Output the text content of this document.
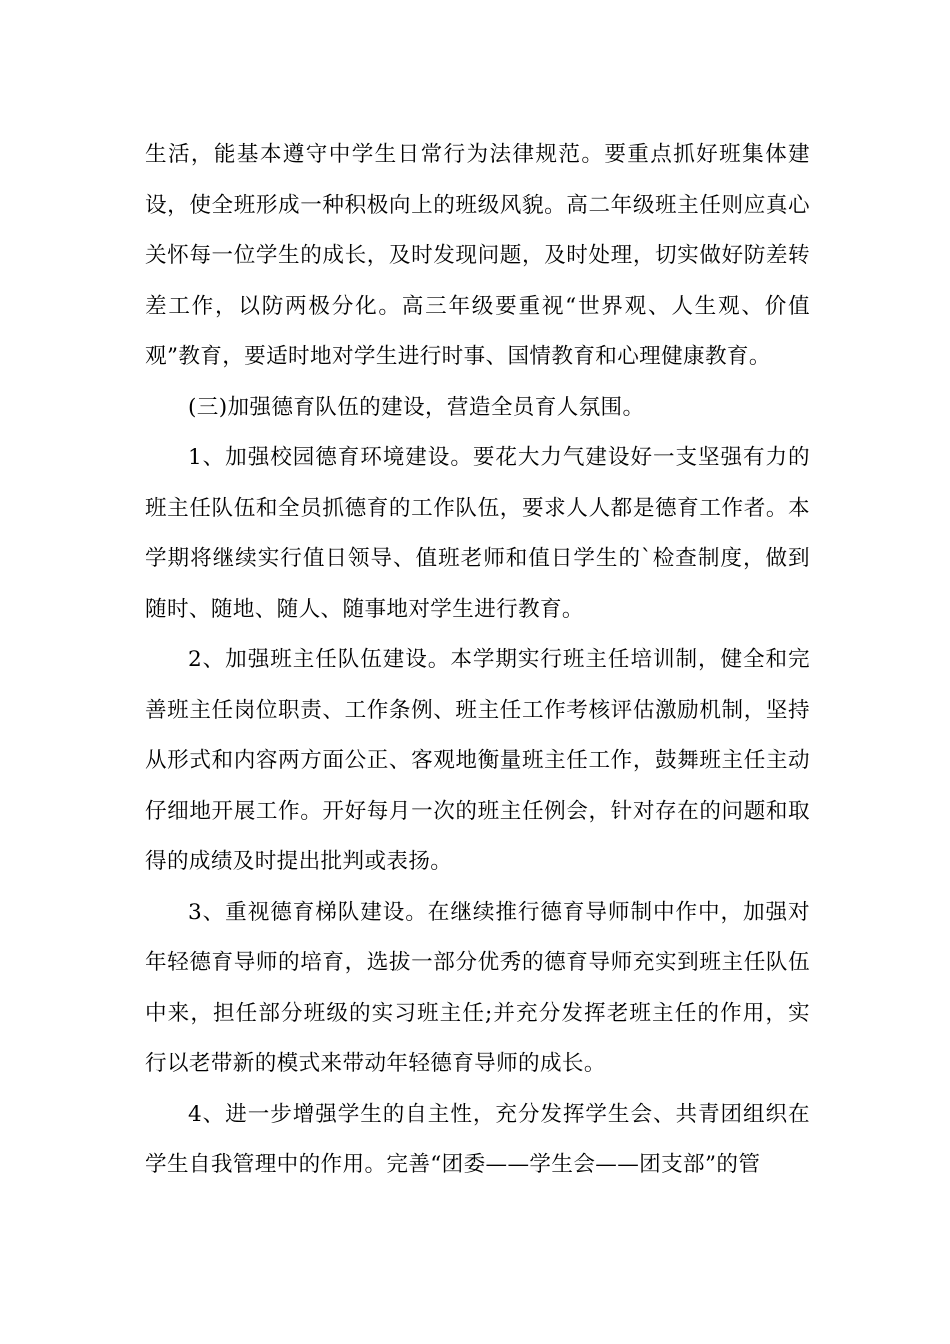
生活，能基本遵守中学生日常行为法律规范。要重点抓好班集体建设，使全班形成一种积极向上的班级风貌。高二年级班主任则应真心关怀每一位学生的成长，及时发现问题，及时处理，切实做好防差转差工作，以防两极分化。高三年级要重视“世界观、人生观、价值观”教育，要适时地对学生进行时事、国情教育和心理健康教育。

(三)加强德育队伍的建设，营造全员育人氛围。

1、加强校园德育环境建设。要花大力气建设好一支坚强有力的班主任队伍和全员抓德育的工作队伍，要求人人都是德育工作者。本学期将继续实行值日领导、值班老师和值日学生的`检查制度，做到随时、随地、随人、随事地对学生进行教育。

2、加强班主任队伍建设。本学期实行班主任培训制，健全和完善班主任岗位职责、工作条例、班主任工作考核评估激励机制，坚持从形式和内容两方面公正、客观地衡量班主任工作，鼓舞班主任主动仔细地开展工作。开好每月一次的班主任例会，针对存在的问题和取得的成绩及时提出批判或表扬。

3、重视德育梯队建设。在继续推行德育导师制中作中，加强对年轻德育导师的培育，选拔一部分优秀的德育导师充实到班主任队伍中来，担任部分班级的实习班主任;并充分发挥老班主任的作用，实行以老带新的模式来带动年轻德育导师的成长。

4、进一步增强学生的自主性，充分发挥学生会、共青团组织在学生自我管理中的作用。完善“团委——学生会——团支部”的管
